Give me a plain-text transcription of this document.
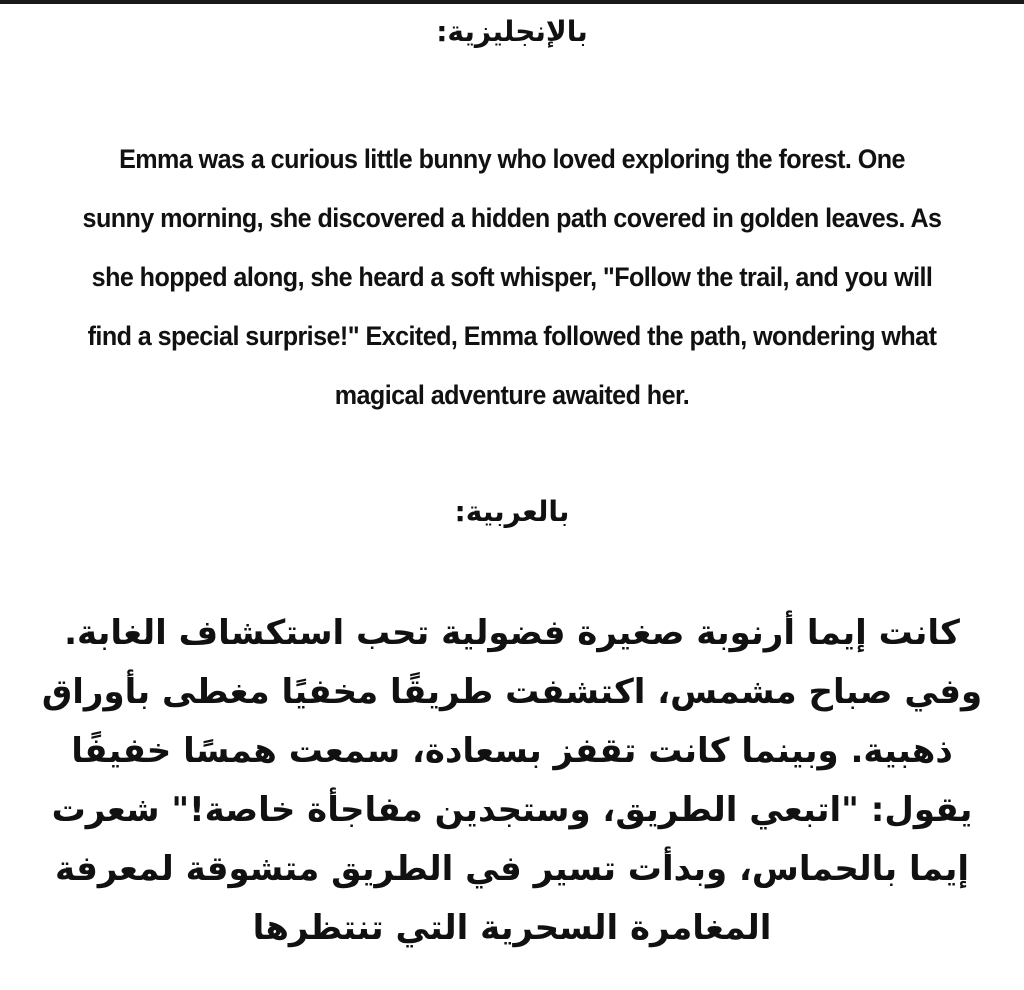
بالإنجليزية:

Emma was a curious little bunny who loved exploring the forest. One sunny morning, she discovered a hidden path covered in golden leaves. As she hopped along, she heard a soft whisper, "Follow the trail, and you will find a special surprise!" Excited, Emma followed the path, wondering what magical adventure awaited her.

بالعربية:

كانت إيما أرنوبة صغيرة فضولية تحب استكشاف الغابة. وفي صباح مشمس، اكتشفت طريقًا مخفيًا مغطى بأوراق ذهبية. وبينما كانت تقفز بسعادة، سمعت همسًا خفيفًا يقول: "اتبعي الطريق، وستجدين مفاجأة خاصة!" شعرت إيما بالحماس، وبدأت تسير في الطريق متشوقة لمعرفة المغامرة السحرية التي تنتظرها
